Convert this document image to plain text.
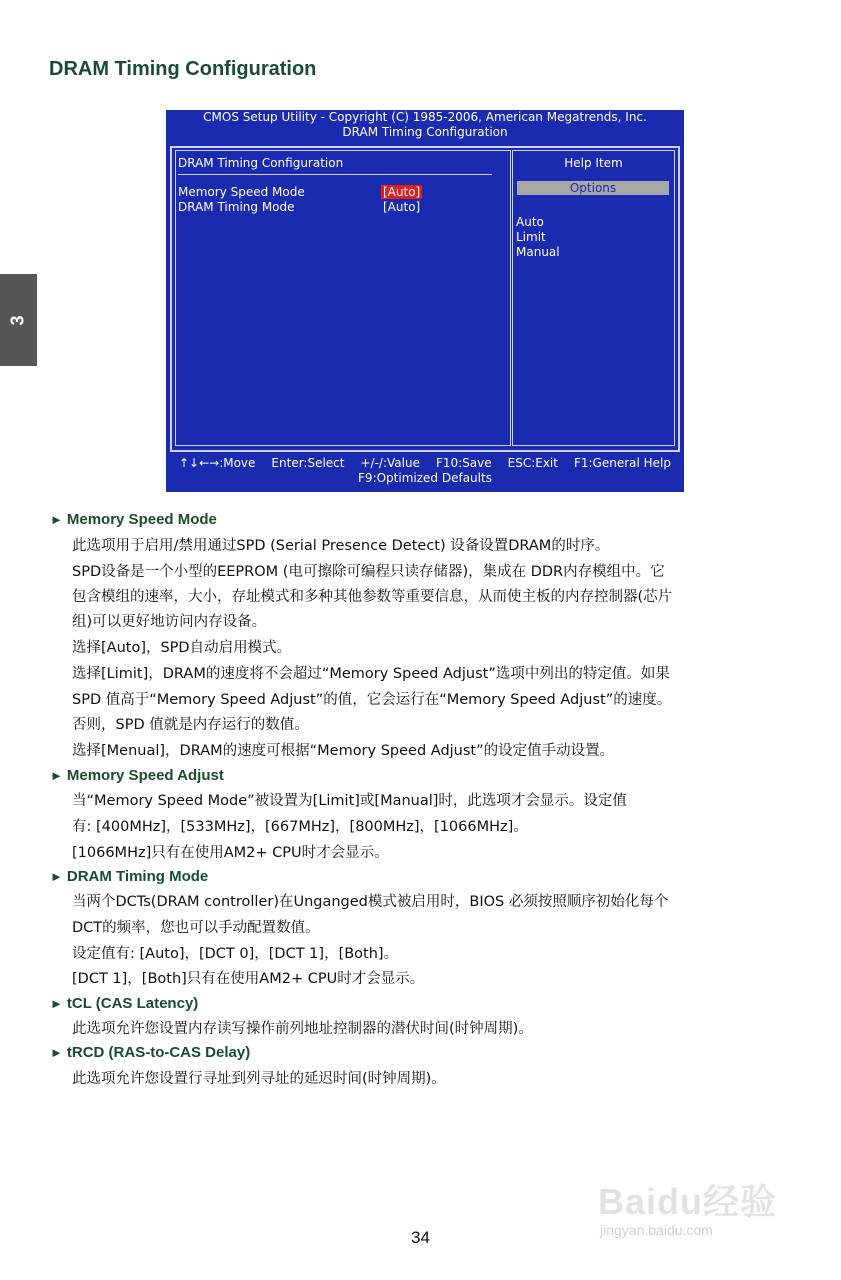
DRAM Timing Configuration
3
CMOS Setup Utility - Copyright (C) 1985-2006, American Megatrends, Inc.
DRAM Timing Configuration
DRAM Timing Configuration
Memory Speed Mode	[Auto]
DRAM Timing Mode	[Auto]
Help Item
Options
Auto
Limit
Manual
↑↓←→:Move Enter:Select +/-/:Value F10:Save ESC:Exit F1:General Help
F9:Optimized Defaults
► Memory Speed Mode
此选项用于启用/禁用通过SPD (Serial Presence Detect) 设备设置DRAM的时序。
SPD设备是一个小型的EEPROM (电可擦除可编程只读存储器)，集成在 DDR内存模组中。它
包含模组的速率，大小，存址模式和多种其他参数等重要信息，从而使主板的内存控制器(芯片
组)可以更好地访问内存设备。
选择[Auto]，SPD自动启用模式。
选择[Limit]，DRAM的速度将不会超过“Memory Speed Adjust”选项中列出的特定值。如果
SPD 值高于“Memory Speed Adjust”的值，它会运行在“Memory Speed Adjust”的速度。
否则，SPD 值就是内存运行的数值。
选择[Menual]，DRAM的速度可根据“Memory Speed Adjust”的设定值手动设置。
► Memory Speed Adjust
当“Memory Speed Mode”被设置为[Limit]或[Manual]时，此选项才会显示。设定值
有: [400MHz]，[533MHz]，[667MHz]，[800MHz]，[1066MHz]。
[1066MHz]只有在使用AM2+ CPU时才会显示。
► DRAM Timing Mode
当两个DCTs(DRAM controller)在Unganged模式被启用时，BIOS 必须按照顺序初始化每个
DCT的频率，您也可以手动配置数值。
设定值有: [Auto]，[DCT 0]，[DCT 1]，[Both]。
[DCT 1]，[Both]只有在使用AM2+ CPU时才会显示。
► tCL (CAS Latency)
此选项允许您设置内存读写操作前列地址控制器的潜伏时间(时钟周期)。
► tRCD (RAS-to-CAS Delay)
此选项允许您设置行寻址到列寻址的延迟时间(时钟周期)。
Baidu经验
jingyan.baidu.com
34
